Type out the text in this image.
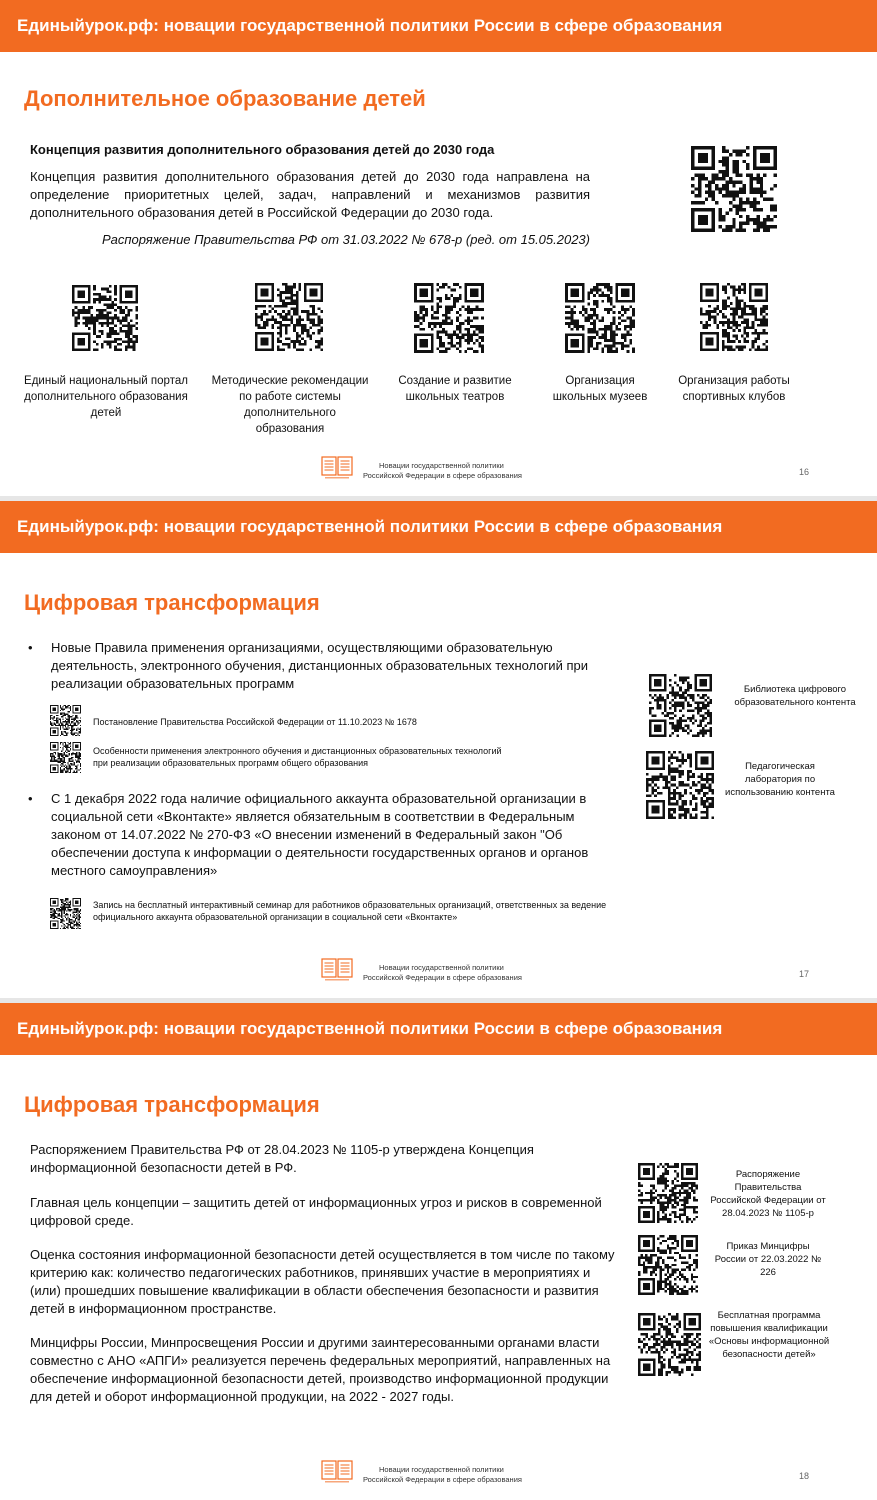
Единыйурок.рф: новации государственной политики России в сфере образования
Дополнительное образование детей
Концепция развития дополнительного образования детей до 2030 года
Концепция развития дополнительного образования детей до 2030 года направлена на определение приоритетных целей, задач, направлений и механизмов развития дополнительного образования детей в Российской Федерации до 2030 года.
Распоряжение Правительства РФ от 31.03.2022 № 678-р (ред. от 15.05.2023)
Единый национальный портал дополнительного образования детей
Методические рекомендации по работе системы дополнительного образования
Создание и развитие школьных театров
Организация школьных музеев
Организация работы спортивных клубов
Новации государственной политики
Российской Федерации в сфере образования	16
Единыйурок.рф: новации государственной политики России в сфере образования
Цифровая трансформация
• Новые Правила применения организациями, осуществляющими образовательную деятельность, электронного обучения, дистанционных образовательных технологий при реализации образовательных программ
Постановление Правительства Российской Федерации от 11.10.2023 № 1678
Особенности применения электронного обучения и дистанционных образовательных технологий
при реализации образовательных программ общего образования
• С 1 декабря 2022 года наличие официального аккаунта образовательной организации в социальной сети «Вконтакте» является обязательным в соответствии в Федеральным законом от 14.07.2022 № 270-ФЗ «О внесении изменений в Федеральный закон "Об обеспечении доступа к информации о деятельности государственных органов и органов местного самоуправления»
Запись на бесплатный интерактивный семинар для работников образовательных организаций, ответственных за ведение официального аккаунта образовательной организации в социальной сети «Вконтакте»
Библиотека цифрового образовательного контента
Педагогическая лаборатория по использованию контента
Новации государственной политики
Российской Федерации в сфере образования	17
Единыйурок.рф: новации государственной политики России в сфере образования
Цифровая трансформация
Распоряжением Правительства РФ от 28.04.2023 № 1105-р утверждена Концепция информационной безопасности детей в РФ.
Главная цель концепции – защитить детей от информационных угроз и рисков в современной цифровой среде.
Оценка состояния информационной безопасности детей осуществляется в том числе по такому критерию как: количество педагогических работников, принявших участие в мероприятиях и (или) прошедших повышение квалификации в области обеспечения безопасности и развития детей в информационном пространстве.
Минцифры России, Минпросвещения России и другими заинтересованными органами власти совместно с АНО «АПГИ» реализуется перечень федеральных мероприятий, направленных на обеспечение информационной безопасности детей, производство информационной продукции для детей и оборот информационной продукции, на 2022 - 2027 годы.
Распоряжение Правительства Российской Федерации от 28.04.2023 № 1105-р
Приказ Минцифры России от 22.03.2022 № 226
Бесплатная программа повышения квалификации «Основы информационной безопасности детей»
Новации государственной политики
Российской Федерации в сфере образования	18
